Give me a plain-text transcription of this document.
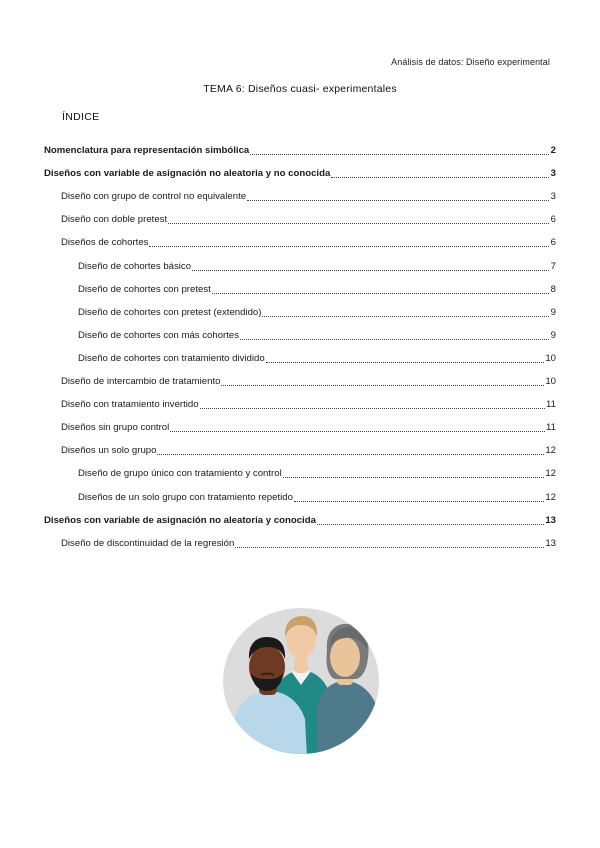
Análisis de datos: Diseño experimental
TEMA 6: Diseños cuasi- experimentales
ÍNDICE
Nomenclatura para representación simbólica	2
Diseños con variable de asignación no aleatoria y no conocida	3
Diseño con grupo de control no equivalente	3
Diseño con doble pretest	6
Diseños de cohortes	6
Diseño de cohortes básico	7
Diseño de cohortes con pretest	8
Diseño de cohortes con pretest (extendido)	9
Diseño de cohortes con más cohortes	9
Diseño de cohortes con tratamiento dividido	10
Diseño de intercambio de tratamiento	10
Diseño con tratamiento invertido	11
Diseños sin grupo control	11
Diseños un solo grupo	12
Diseño de grupo único con tratamiento y control	12
Diseños de un solo grupo con tratamiento repetido	12
Diseños con variable de asignación no aleatoria y conocida	13
Diseño de discontinuidad de la regresión	13
